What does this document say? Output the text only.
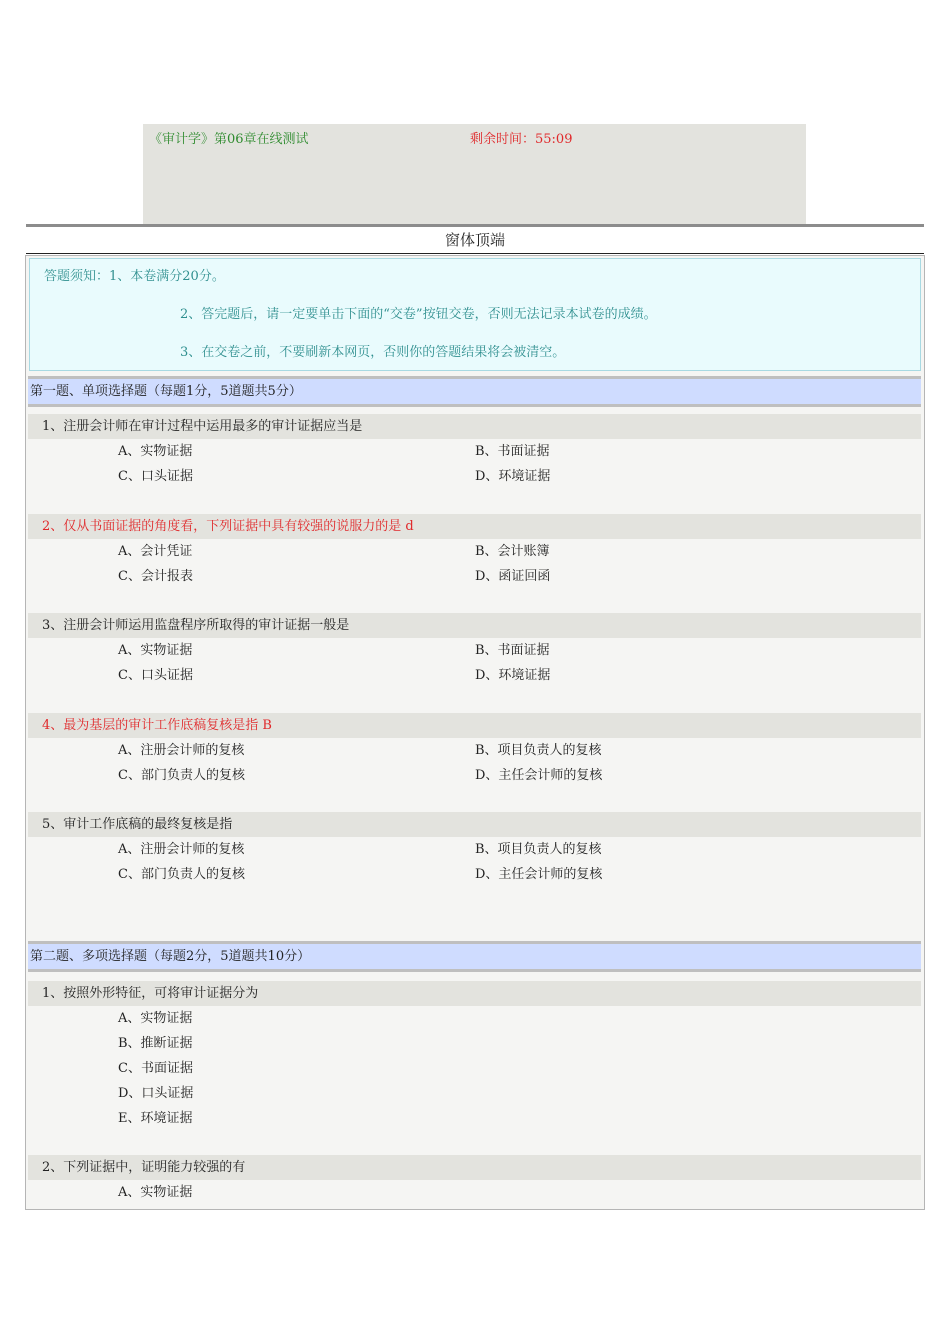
《审计学》第06章在线测试	剩余时间：55:09
窗体顶端
答题须知：1、本卷满分20分。
2、答完题后，请一定要单击下面的“交卷”按钮交卷，否则无法记录本试卷的成绩。
3、在交卷之前，不要刷新本网页，否则你的答题结果将会被清空。
第一题、单项选择题（每题1分，5道题共5分）
1、注册会计师在审计过程中运用最多的审计证据应当是
A、实物证据	B、书面证据
C、口头证据	D、环境证据
2、仅从书面证据的角度看，下列证据中具有较强的说服力的是 d
A、会计凭证	B、会计账簿
C、会计报表	D、函证回函
3、注册会计师运用监盘程序所取得的审计证据一般是
A、实物证据	B、书面证据
C、口头证据	D、环境证据
4、最为基层的审计工作底稿复核是指 B
A、注册会计师的复核	B、项目负责人的复核
C、部门负责人的复核	D、主任会计师的复核
5、审计工作底稿的最终复核是指
A、注册会计师的复核	B、项目负责人的复核
C、部门负责人的复核	D、主任会计师的复核
第二题、多项选择题（每题2分，5道题共10分）
1、按照外形特征，可将审计证据分为
A、实物证据
B、推断证据
C、书面证据
D、口头证据
E、环境证据
2、下列证据中，证明能力较强的有
A、实物证据
